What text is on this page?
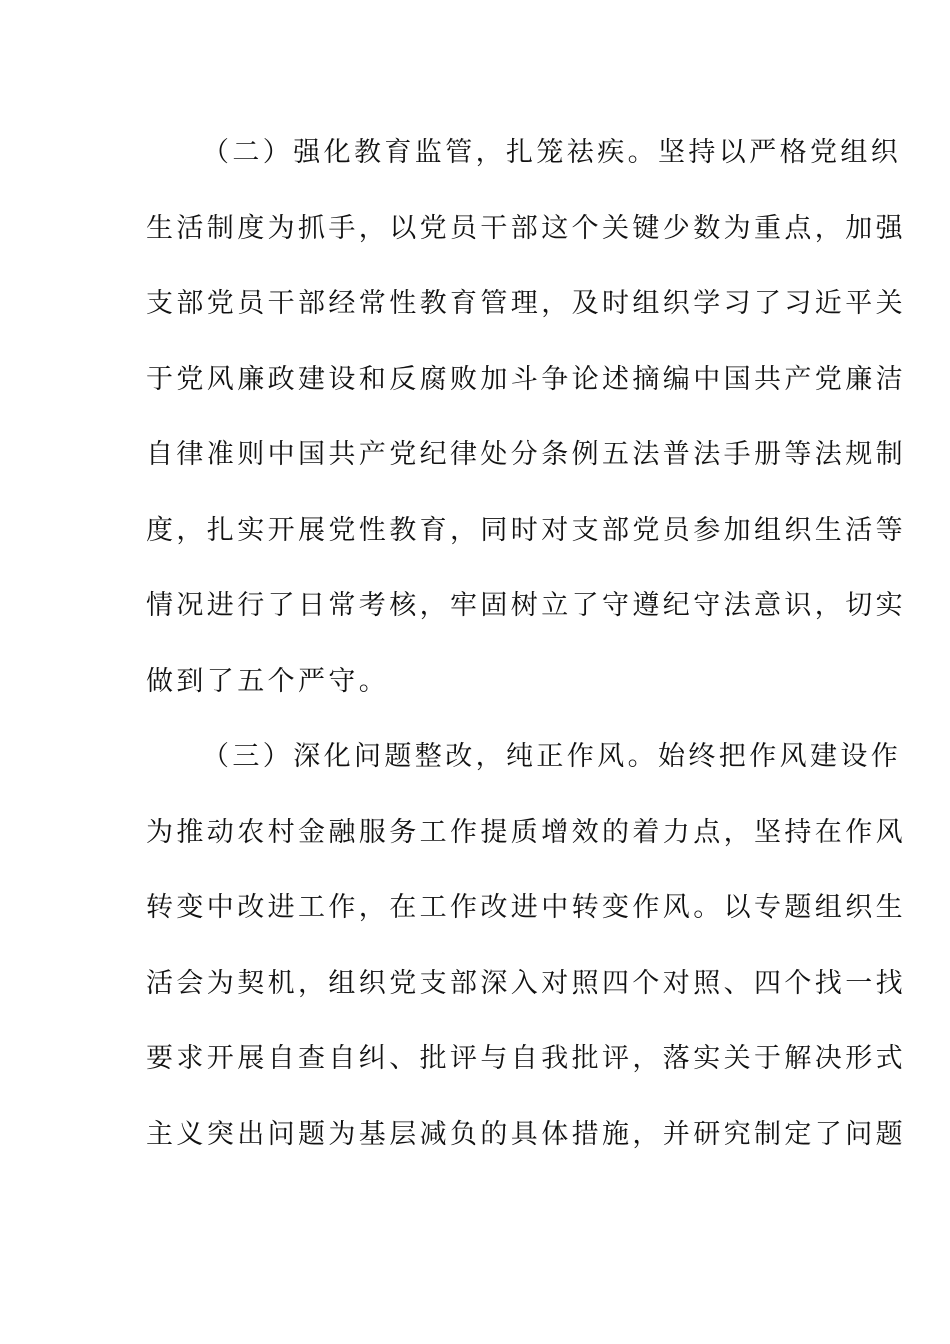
（二）强化教育监管，扎笼祛疾。坚持以严格党组织
生活制度为抓手，以党员干部这个关键少数为重点，加强
支部党员干部经常性教育管理，及时组织学习了习近平关
于党风廉政建设和反腐败加斗争论述摘编中国共产党廉洁
自律准则中国共产党纪律处分条例五法普法手册等法规制
度，扎实开展党性教育，同时对支部党员参加组织生活等
情况进行了日常考核，牢固树立了守遵纪守法意识，切实
做到了五个严守。
（三）深化问题整改，纯正作风。始终把作风建设作
为推动农村金融服务工作提质增效的着力点，坚持在作风
转变中改进工作，在工作改进中转变作风。以专题组织生
活会为契机，组织党支部深入对照四个对照、四个找一找
要求开展自查自纠、批评与自我批评，落实关于解决形式
主义突出问题为基层减负的具体措施，并研究制定了问题
